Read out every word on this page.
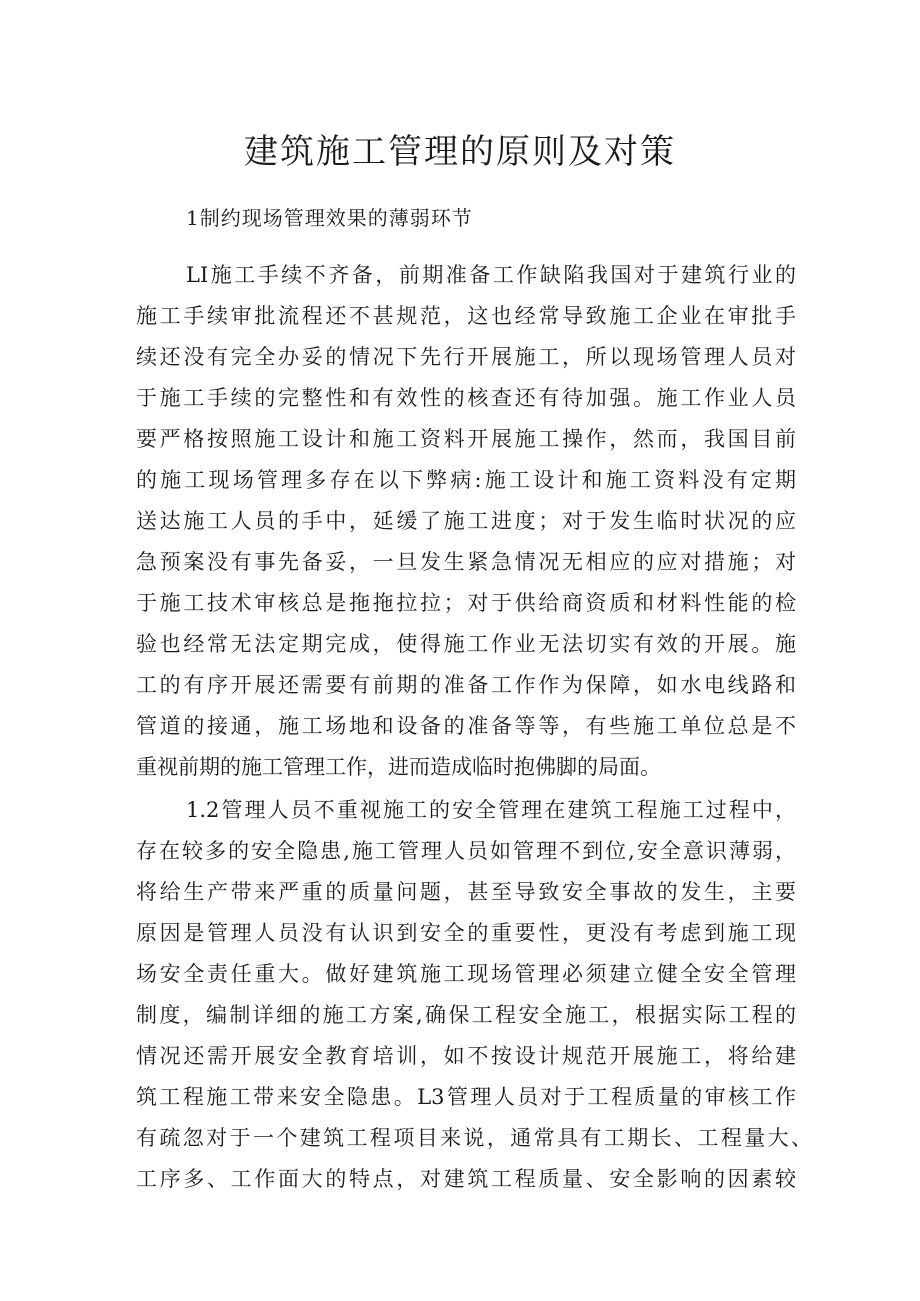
建筑施工管理的原则及对策

1制约现场管理效果的薄弱环节

LI施工手续不齐备，前期准备工作缺陷我国对于建筑行业的
施工手续审批流程还不甚规范，这也经常导致施工企业在审批手
续还没有完全办妥的情况下先行开展施工，所以现场管理人员对
于施工手续的完整性和有效性的核查还有待加强。施工作业人员
要严格按照施工设计和施工资料开展施工操作，然而，我国目前
的施工现场管理多存在以下弊病:施工设计和施工资料没有定期
送达施工人员的手中，延缓了施工进度；对于发生临时状况的应
急预案没有事先备妥，一旦发生紧急情况无相应的应对措施；对
于施工技术审核总是拖拖拉拉；对于供给商资质和材料性能的检
验也经常无法定期完成，使得施工作业无法切实有效的开展。施
工的有序开展还需要有前期的准备工作作为保障，如水电线路和
管道的接通，施工场地和设备的准备等等，有些施工单位总是不
重视前期的施工管理工作，进而造成临时抱佛脚的局面。
1.2管理人员不重视施工的安全管理在建筑工程施工过程中，
存在较多的安全隐患,施工管理人员如管理不到位,安全意识薄弱，
将给生产带来严重的质量问题，甚至导致安全事故的发生，主要
原因是管理人员没有认识到安全的重要性，更没有考虑到施工现
场安全责任重大。做好建筑施工现场管理必须建立健全安全管理
制度，编制详细的施工方案,确保工程安全施工，根据实际工程的
情况还需开展安全教育培训，如不按设计规范开展施工，将给建
筑工程施工带来安全隐患。L3管理人员对于工程质量的审核工作
有疏忽对于一个建筑工程项目来说，通常具有工期长、工程量大、
工序多、工作面大的特点，对建筑工程质量、安全影响的因素较
